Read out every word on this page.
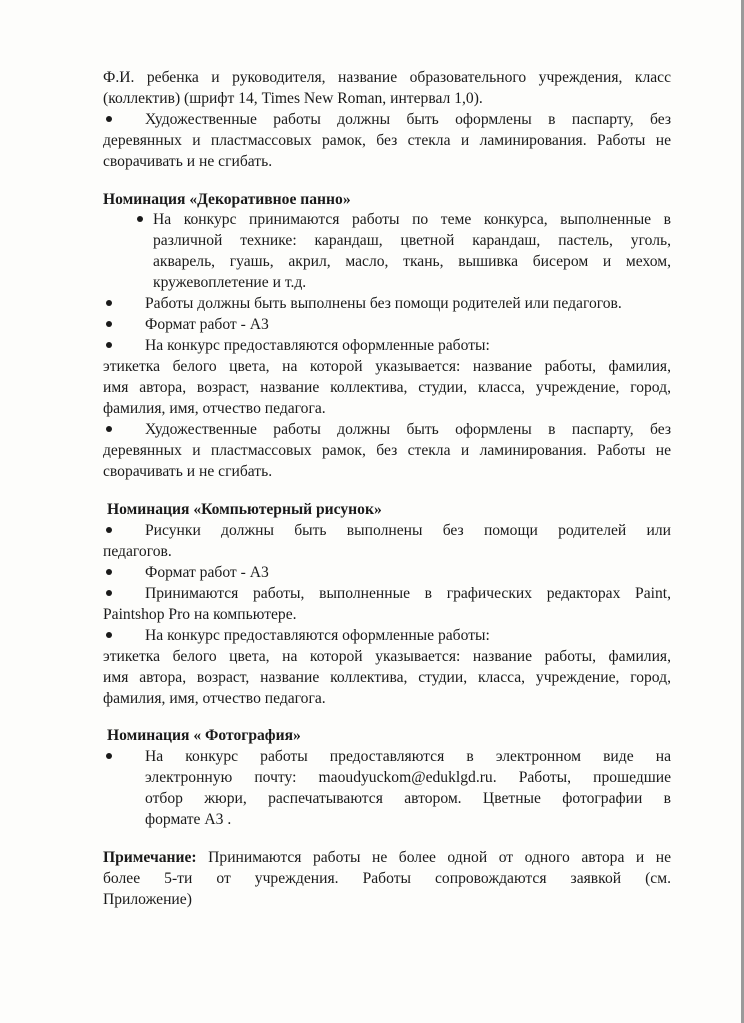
Ф.И. ребенка и руководителя, название образовательного учреждения, класс
(коллектив) (шрифт 14, Times New Roman, интервал 1,0).
Художественные работы должны быть оформлены в паспарту, без
деревянных и пластмассовых рамок, без стекла и ламинирования. Работы не
сворачивать и не сгибать.
Номинация «Декоративное панно»
На конкурс принимаются работы по теме конкурса, выполненные в
различной технике: карандаш, цветной карандаш, пастель, уголь,
акварель, гуашь, акрил, масло, ткань, вышивка бисером и мехом,
кружевоплетение и т.д.
Работы должны быть выполнены без помощи родителей или педагогов.
Формат работ - А3
На конкурс предоставляются оформленные работы:
этикетка белого цвета, на которой указывается: название работы, фамилия,
имя автора, возраст, название коллектива, студии, класса, учреждение, город,
фамилия, имя, отчество педагога.
Художественные работы должны быть оформлены в паспарту, без
деревянных и пластмассовых рамок, без стекла и ламинирования. Работы не
сворачивать и не сгибать.
Номинация «Компьютерный рисунок»
Рисунки должны быть выполнены без помощи родителей или
педагогов.
Формат работ - А3
Принимаются работы, выполненные в графических редакторах Paint,
Paintshop Pro на компьютере.
На конкурс предоставляются оформленные работы:
этикетка белого цвета, на которой указывается: название работы, фамилия,
имя автора, возраст, название коллектива, студии, класса, учреждение, город,
фамилия, имя, отчество педагога.
Номинация « Фотография»
На конкурс работы предоставляются в электронном виде на
электронную почту: maoudyuckom@eduklgd.ru. Работы, прошедшие
отбор жюри, распечатываются автором. Цветные фотографии в
формате А3 .
Примечание: Принимаются работы не более одной от одного автора и не
более 5-ти от учреждения. Работы сопровождаются заявкой (см.
Приложение)
